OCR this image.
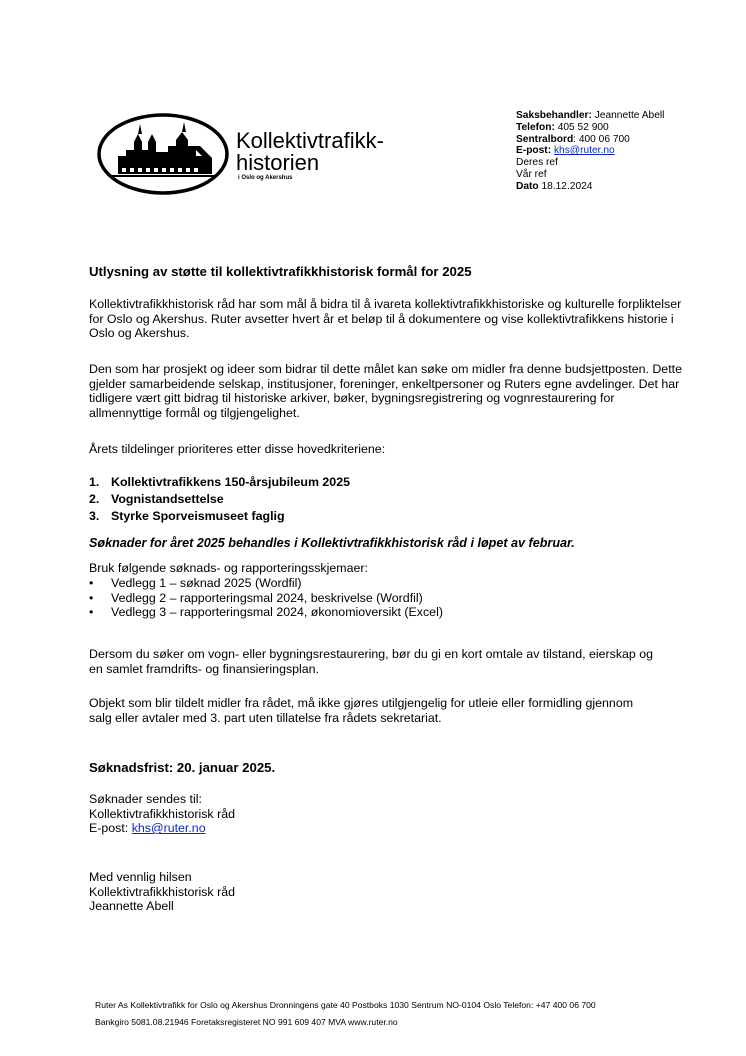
Kollektivtrafikk-
historien
i Oslo og Akershus
Saksbehandler: Jeannette Abell
Telefon: 405 52 900
Sentralbord: 400 06 700
E-post: khs@ruter.no
Deres ref
Vår ref
Dato 18.12.2024
Utlysning av støtte til kollektivtrafikkhistorisk formål for 2025

Kollektivtrafikkhistorisk råd har som mål å bidra til å ivareta kollektivtrafikkhistoriske og kulturelle forpliktelser for Oslo og Akershus. Ruter avsetter hvert år et beløp til å dokumentere og vise kollektivtrafikkens historie i Oslo og Akershus.

Den som har prosjekt og ideer som bidrar til dette målet kan søke om midler fra denne budsjettposten. Dette gjelder samarbeidende selskap, institusjoner, foreninger, enkeltpersoner og Ruters egne avdelinger. Det har tidligere vært gitt bidrag til historiske arkiver, bøker, bygningsregistrering og vognrestaurering for allmennyttige formål og tilgjengelighet.

Årets tildelinger prioriteres etter disse hovedkriteriene:

1. Kollektivtrafikkens 150-årsjubileum 2025
2. Vognistandsettelse
3. Styrke Sporveismuseet faglig
Søknader for året 2025 behandles i Kollektivtrafikkhistorisk råd i løpet av februar.
Bruk følgende søknads- og rapporteringsskjemaer:
• Vedlegg 1 – søknad 2025 (Wordfil)
• Vedlegg 2 – rapporteringsmal 2024, beskrivelse (Wordfil)
• Vedlegg 3 – rapporteringsmal 2024, økonomioversikt (Excel)

Dersom du søker om vogn- eller bygningsrestaurering, bør du gi en kort omtale av tilstand, eierskap og en samlet framdrifts- og finansieringsplan.

Objekt som blir tildelt midler fra rådet, må ikke gjøres utilgjengelig for utleie eller formidling gjennom salg eller avtaler med 3. part uten tillatelse fra rådets sekretariat.

Søknadsfrist: 20. januar 2025.
Søknader sendes til:
Kollektivtrafikkhistorisk råd
E-post: khs@ruter.no
Med vennlig hilsen
Kollektivtrafikkhistorisk råd
Jeannette Abell
Ruter As Kollektivtrafikk for Oslo og Akershus Dronningens gate 40 Postboks 1030 Sentrum NO-0104 Oslo Telefon: +47 400 06 700
Bankgiro 5081.08.21946 Foretaksregisteret NO 991 609 407 MVA www.ruter.no
